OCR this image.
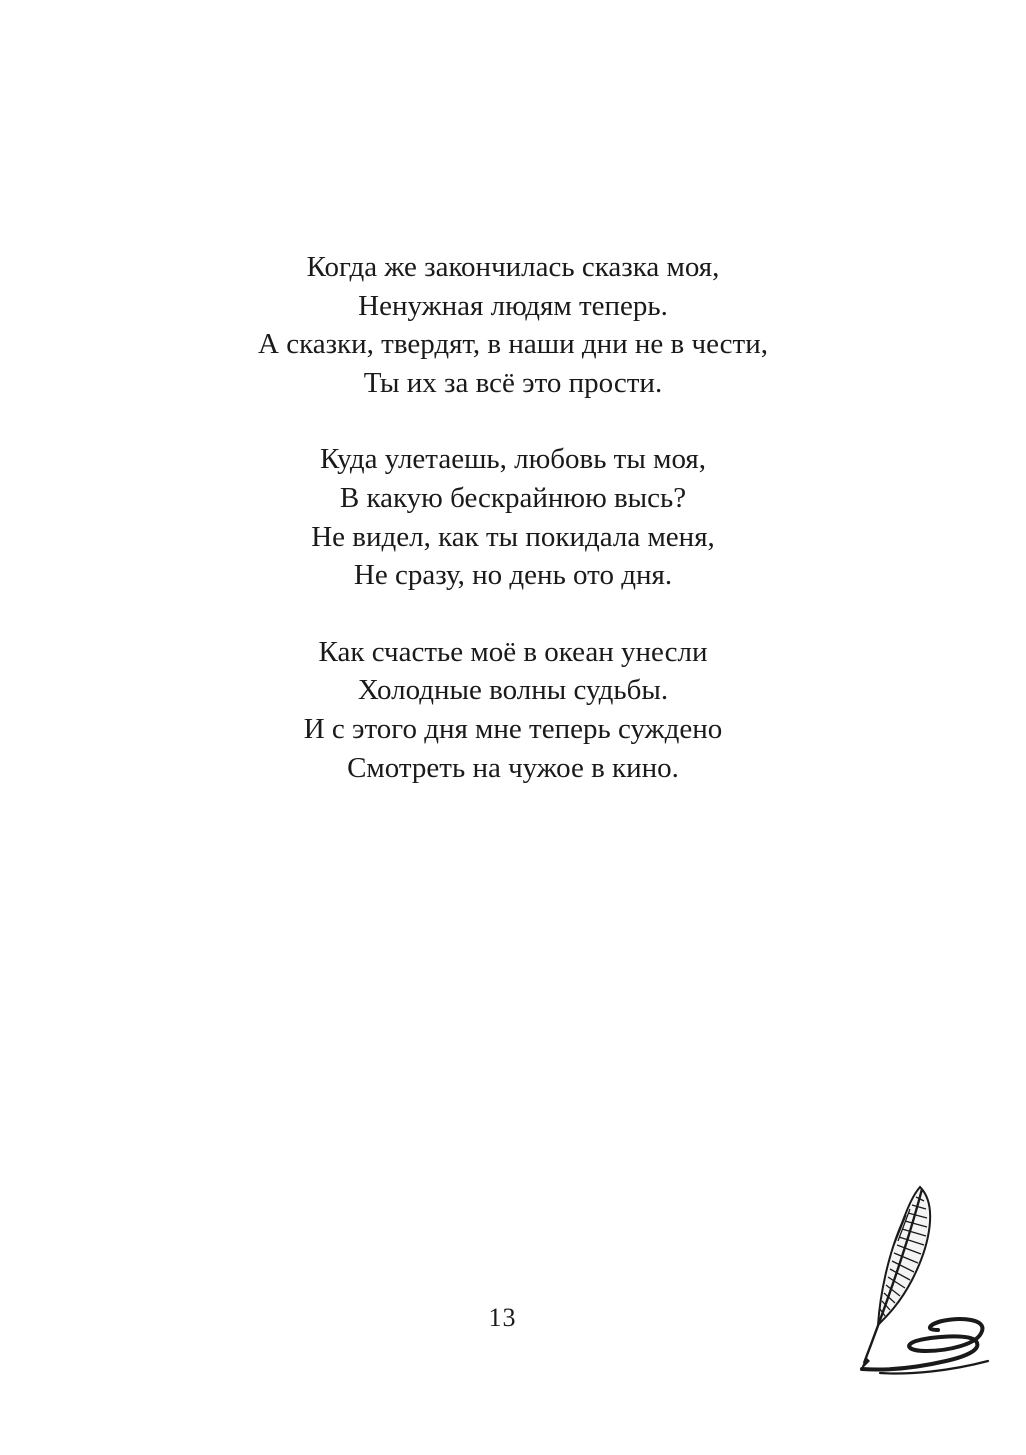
Когда же закончилась сказка моя,
Ненужная людям теперь.
А сказки, твердят, в наши дни не в чести,
Ты их за всё это прости.
Куда улетаешь, любовь ты моя,
В какую бескрайнюю высь?
Не видел, как ты покидала меня,
Не сразу, но день ото дня.
Как счастье моё в океан унесли
Холодные волны судьбы.
И с этого дня мне теперь суждено
Смотреть на чужое в кино.
13
